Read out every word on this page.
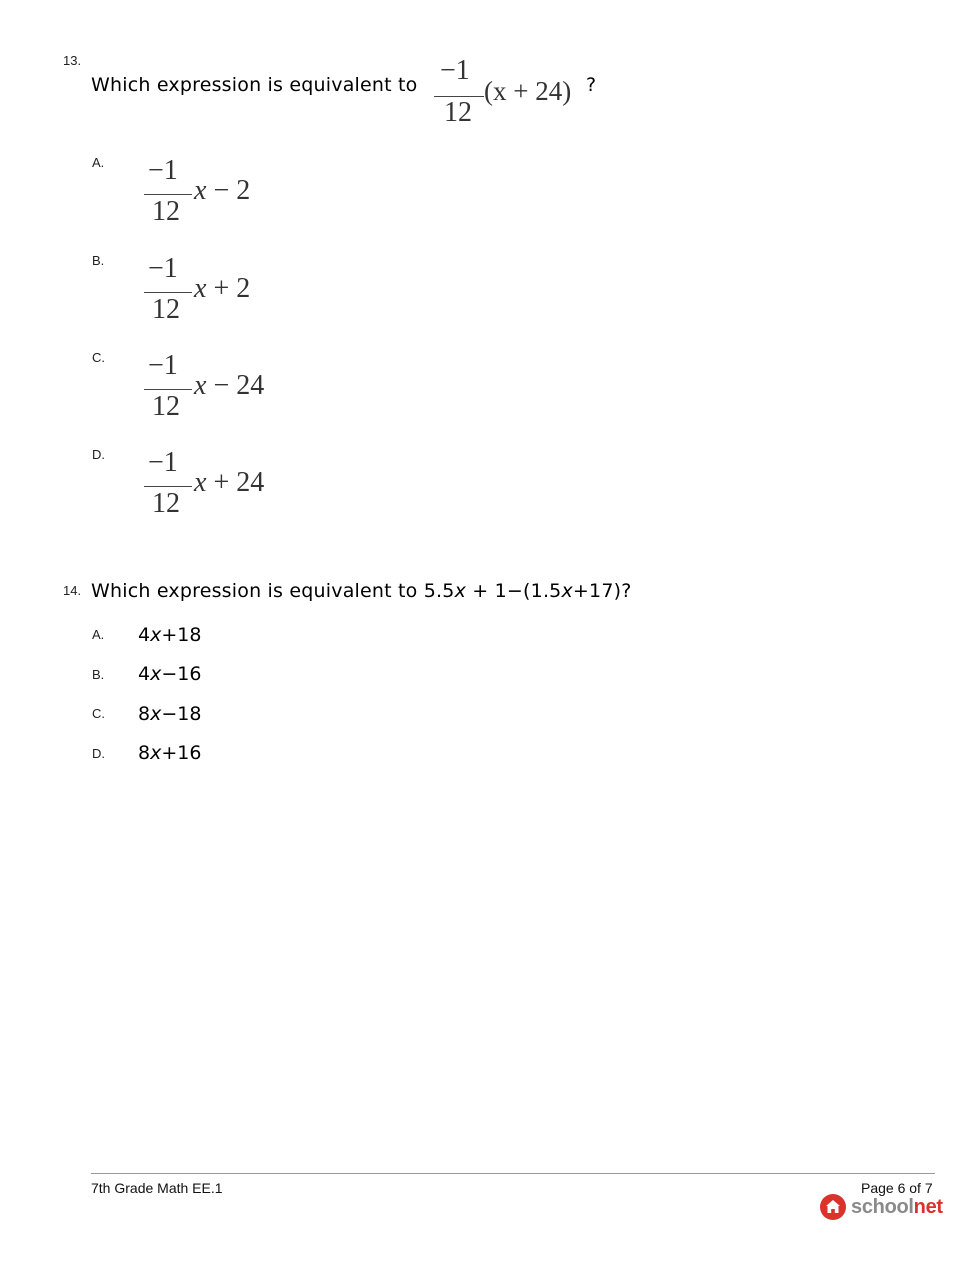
13.
Which expression is equivalent to −1
12
(x + 24) ?
A. −1
12
x − 2
B. −1
12
x + 2
C. −1
12
x − 24
D. −1
12
x + 24
14. Which expression is equivalent to 5.5x + 1−(1.5x+17)?
A. 4x+18
B. 4x−16
C. 8x−18
D. 8x+16
7th Grade Math EE.1	Page 6 of 7
schoolnet
